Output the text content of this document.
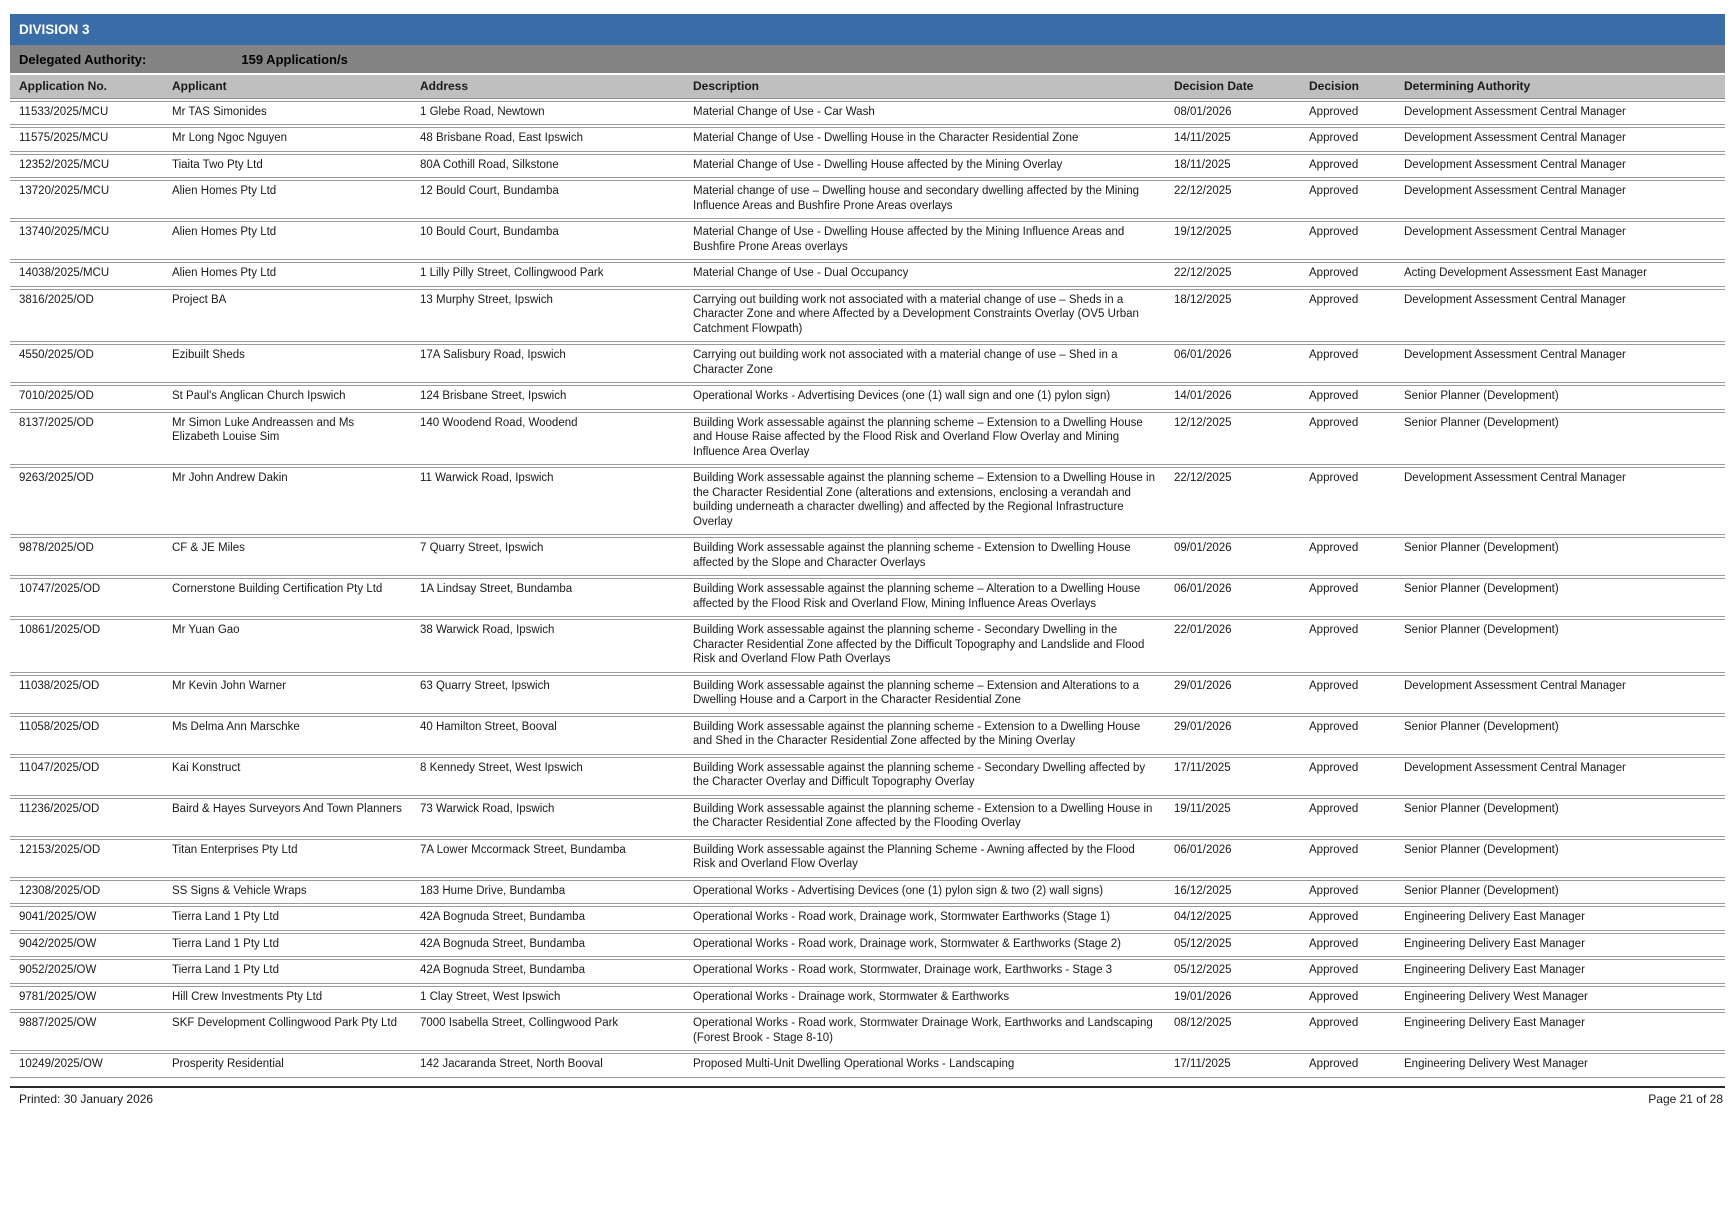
DIVISION 3
Delegated Authority:	159 Application/s
Application No.	Applicant	Address	Description	Decision Date	Decision	Determining Authority
11533/2025/MCU	Mr TAS Simonides	1 Glebe Road, Newtown	Material Change of Use - Car Wash	08/01/2026	Approved	Development Assessment Central Manager
11575/2025/MCU	Mr Long Ngoc Nguyen	48 Brisbane Road, East Ipswich	Material Change of Use - Dwelling House in the Character Residential Zone	14/11/2025	Approved	Development Assessment Central Manager
12352/2025/MCU	Tiaita Two Pty Ltd	80A Cothill Road, Silkstone	Material Change of Use - Dwelling House affected by the Mining Overlay	18/11/2025	Approved	Development Assessment Central Manager
13720/2025/MCU	Alien Homes Pty Ltd	12 Bould Court, Bundamba	Material change of use – Dwelling house and secondary dwelling affected by the Mining Influence Areas and Bushfire Prone Areas overlays	22/12/2025	Approved	Development Assessment Central Manager
13740/2025/MCU	Alien Homes Pty Ltd	10 Bould Court, Bundamba	Material Change of Use - Dwelling House affected by the Mining Influence Areas and Bushfire Prone Areas overlays	19/12/2025	Approved	Development Assessment Central Manager
14038/2025/MCU	Alien Homes Pty Ltd	1 Lilly Pilly Street, Collingwood Park	Material Change of Use - Dual Occupancy	22/12/2025	Approved	Acting Development Assessment East Manager
3816/2025/OD	Project BA	13 Murphy Street, Ipswich	Carrying out building work not associated with a material change of use – Sheds in a Character Zone and where Affected by a Development Constraints Overlay (OV5 Urban Catchment Flowpath)	18/12/2025	Approved	Development Assessment Central Manager
4550/2025/OD	Ezibuilt Sheds	17A Salisbury Road, Ipswich	Carrying out building work not associated with a material change of use – Shed in a Character Zone	06/01/2026	Approved	Development Assessment Central Manager
7010/2025/OD	St Paul's Anglican Church Ipswich	124 Brisbane Street, Ipswich	Operational Works - Advertising Devices (one (1) wall sign and one (1) pylon sign)	14/01/2026	Approved	Senior Planner (Development)
8137/2025/OD	Mr Simon Luke Andreassen and Ms Elizabeth Louise Sim	140 Woodend Road, Woodend	Building Work assessable against the planning scheme – Extension to a Dwelling House and House Raise affected by the Flood Risk and Overland Flow Overlay and Mining Influence Area Overlay	12/12/2025	Approved	Senior Planner (Development)
9263/2025/OD	Mr John Andrew Dakin	11 Warwick Road, Ipswich	Building Work assessable against the planning scheme – Extension to a Dwelling House in the Character Residential Zone (alterations and extensions, enclosing a verandah and building underneath a character dwelling) and affected by the Regional Infrastructure Overlay	22/12/2025	Approved	Development Assessment Central Manager
9878/2025/OD	CF & JE Miles	7 Quarry Street, Ipswich	Building Work assessable against the planning scheme - Extension to Dwelling House affected by the Slope and Character Overlays	09/01/2026	Approved	Senior Planner (Development)
10747/2025/OD	Cornerstone Building Certification Pty Ltd	1A Lindsay Street, Bundamba	Building Work assessable against the planning scheme – Alteration to a Dwelling House affected by the Flood Risk and Overland Flow, Mining Influence Areas Overlays	06/01/2026	Approved	Senior Planner (Development)
10861/2025/OD	Mr Yuan Gao	38 Warwick Road, Ipswich	Building Work assessable against the planning scheme - Secondary Dwelling in the Character Residential Zone affected by the Difficult Topography and Landslide and Flood Risk and Overland Flow Path Overlays	22/01/2026	Approved	Senior Planner (Development)
11038/2025/OD	Mr Kevin John Warner	63 Quarry Street, Ipswich	Building Work assessable against the planning scheme – Extension and Alterations to a Dwelling House and a Carport in the Character Residential Zone	29/01/2026	Approved	Development Assessment Central Manager
11058/2025/OD	Ms Delma Ann Marschke	40 Hamilton Street, Booval	Building Work assessable against the planning scheme - Extension to a Dwelling House and Shed in the Character Residential Zone affected by the Mining Overlay	29/01/2026	Approved	Senior Planner (Development)
11047/2025/OD	Kai Konstruct	8 Kennedy Street, West Ipswich	Building Work assessable against the planning scheme - Secondary Dwelling affected by the Character Overlay and Difficult Topography Overlay	17/11/2025	Approved	Development Assessment Central Manager
11236/2025/OD	Baird & Hayes Surveyors And Town Planners	73 Warwick Road, Ipswich	Building Work assessable against the planning scheme - Extension to a Dwelling House in the Character Residential Zone affected by the Flooding Overlay	19/11/2025	Approved	Senior Planner (Development)
12153/2025/OD	Titan Enterprises Pty Ltd	7A Lower Mccormack Street, Bundamba	Building Work assessable against the Planning Scheme - Awning affected by the Flood Risk and Overland Flow Overlay	06/01/2026	Approved	Senior Planner (Development)
12308/2025/OD	SS Signs & Vehicle Wraps	183 Hume Drive, Bundamba	Operational Works - Advertising Devices (one (1) pylon sign & two (2) wall signs)	16/12/2025	Approved	Senior Planner (Development)
9041/2025/OW	Tierra Land 1 Pty Ltd	42A Bognuda Street, Bundamba	Operational Works - Road work, Drainage work, Stormwater Earthworks (Stage 1)	04/12/2025	Approved	Engineering Delivery East Manager
9042/2025/OW	Tierra Land 1 Pty Ltd	42A Bognuda Street, Bundamba	Operational Works - Road work, Drainage work, Stormwater & Earthworks (Stage 2)	05/12/2025	Approved	Engineering Delivery East Manager
9052/2025/OW	Tierra Land 1 Pty Ltd	42A Bognuda Street, Bundamba	Operational Works - Road work, Stormwater, Drainage work, Earthworks - Stage 3	05/12/2025	Approved	Engineering Delivery East Manager
9781/2025/OW	Hill Crew Investments Pty Ltd	1 Clay Street, West Ipswich	Operational Works - Drainage work, Stormwater & Earthworks	19/01/2026	Approved	Engineering Delivery West Manager
9887/2025/OW	SKF Development Collingwood Park Pty Ltd	7000 Isabella Street, Collingwood Park	Operational Works - Road work, Stormwater Drainage Work, Earthworks and Landscaping (Forest Brook - Stage 8-10)	08/12/2025	Approved	Engineering Delivery East Manager
10249/2025/OW	Prosperity Residential	142 Jacaranda Street, North Booval	Proposed Multi-Unit Dwelling Operational Works - Landscaping	17/11/2025	Approved	Engineering Delivery West Manager
Printed: 30 January 2026	Page 21 of 28
